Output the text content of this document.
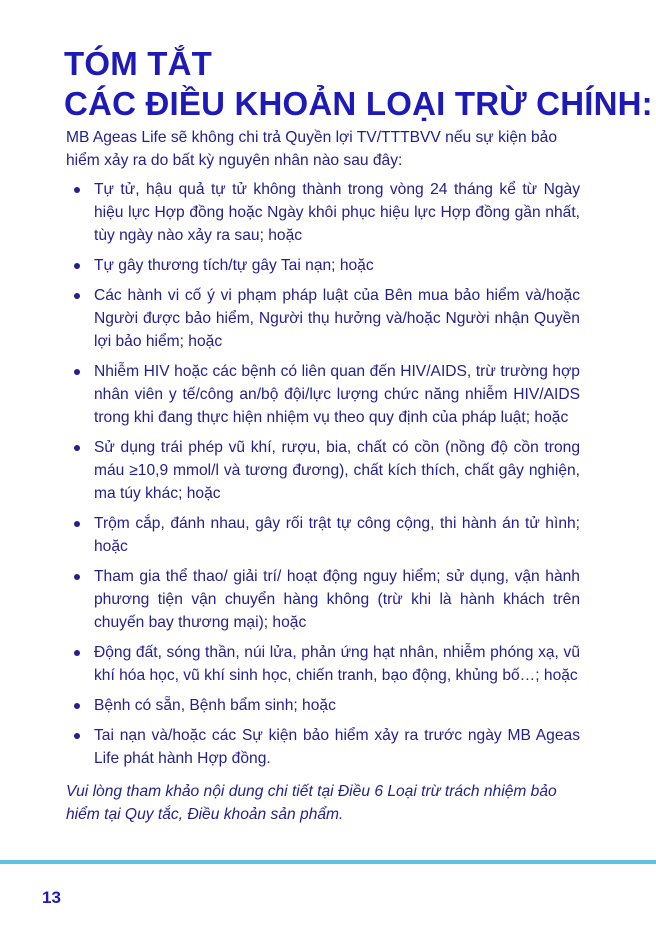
TÓM TẮT
CÁC ĐIỀU KHOẢN LOẠI TRỪ CHÍNH:

MB Ageas Life sẽ không chi trả Quyền lợi TV/TTTBVV nếu sự kiện bảo hiểm xảy ra do bất kỳ nguyên nhân nào sau đây:

Tự tử, hậu quả tự tử không thành trong vòng 24 tháng kể từ Ngày hiệu lực Hợp đồng hoặc Ngày khôi phục hiệu lực Hợp đồng gần nhất, tùy ngày nào xảy ra sau; hoặc
Tự gây thương tích/tự gây Tai nạn; hoặc
Các hành vi cố ý vi phạm pháp luật của Bên mua bảo hiểm và/hoặc Người được bảo hiểm, Người thụ hưởng và/hoặc Người nhận Quyền lợi bảo hiểm; hoặc
Nhiễm HIV hoặc các bệnh có liên quan đến HIV/AIDS, trừ trường hợp nhân viên y tế/công an/bộ đội/lực lượng chức năng nhiễm HIV/AIDS trong khi đang thực hiện nhiệm vụ theo quy định của pháp luật; hoặc
Sử dụng trái phép vũ khí, rượu, bia, chất có cồn (nồng độ cồn trong máu ≥10,9 mmol/l và tương đương), chất kích thích, chất gây nghiện, ma túy khác; hoặc
Trộm cắp, đánh nhau, gây rối trật tự công cộng, thi hành án tử hình; hoặc
Tham gia thể thao/ giải trí/ hoạt động nguy hiểm; sử dụng, vận hành phương tiện vận chuyển hàng không (trừ khi là hành khách trên chuyến bay thương mại); hoặc
Động đất, sóng thần, núi lửa, phản ứng hạt nhân, nhiễm phóng xạ, vũ khí hóa học, vũ khí sinh học, chiến tranh, bạo động, khủng bố…; hoặc
Bệnh có sẵn, Bệnh bẩm sinh; hoặc
Tai nạn và/hoặc các Sự kiện bảo hiểm xảy ra trước ngày MB Ageas Life phát hành Hợp đồng.

Vui lòng tham khảo nội dung chi tiết tại Điều 6 Loại trừ trách nhiệm bảo hiểm tại Quy tắc, Điều khoản sản phẩm.

13
